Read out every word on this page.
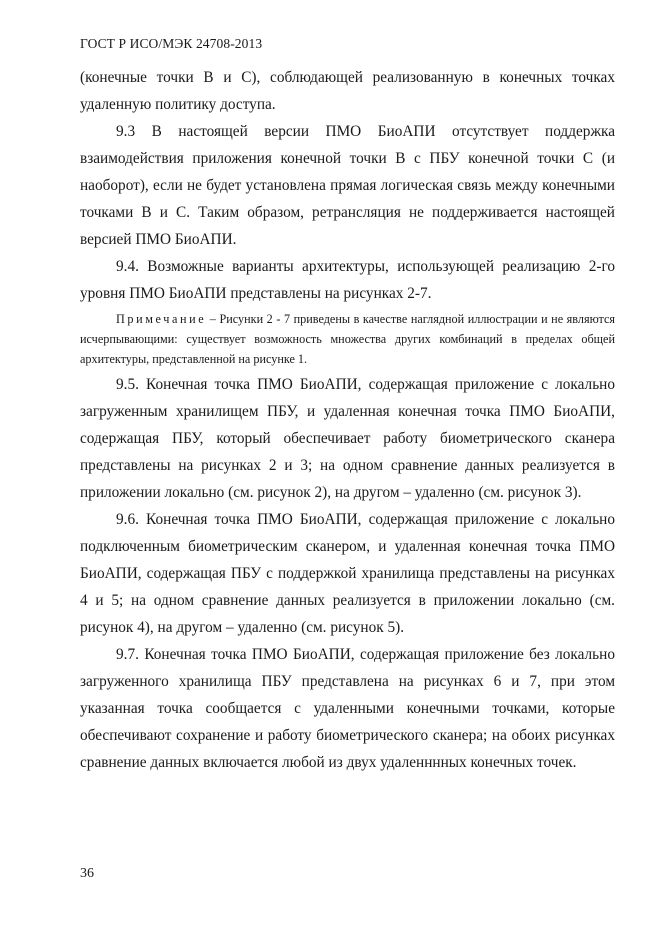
ГОСТ Р ИСО/МЭК 24708-2013

(конечные точки В и С), соблюдающей реализованную в конечных точках удаленную политику доступа.

9.3 В настоящей версии ПМО БиоАПИ отсутствует поддержка взаимодействия приложения конечной точки В с ПБУ конечной точки С (и наоборот), если не будет установлена прямая логическая связь между конечными точками В и С. Таким образом, ретрансляция не поддерживается настоящей версией ПМО БиоАПИ.

9.4. Возможные варианты архитектуры, использующей реализацию 2-го уровня ПМО БиоАПИ представлены на рисунках 2-7.

Примечание – Рисунки 2 - 7 приведены в качестве наглядной иллюстрации и не являются исчерпывающими: существует возможность множества других комбинаций в пределах общей архитектуры, представленной на рисунке 1.

9.5. Конечная точка ПМО БиоАПИ, содержащая приложение с локально загруженным хранилищем ПБУ, и удаленная конечная точка ПМО БиоАПИ, содержащая ПБУ, который обеспечивает работу биометрического сканера представлены на рисунках 2 и 3; на одном сравнение данных реализуется в приложении локально (см. рисунок 2), на другом – удаленно (см. рисунок 3).

9.6. Конечная точка ПМО БиоАПИ, содержащая приложение с локально подключенным биометрическим сканером, и удаленная конечная точка ПМО БиоАПИ, содержащая ПБУ с поддержкой хранилища представлены на рисунках 4 и 5; на одном сравнение данных реализуется в приложении локально (см. рисунок 4), на другом – удаленно (см. рисунок 5).

9.7. Конечная точка ПМО БиоАПИ, содержащая приложение без локально загруженного хранилища ПБУ представлена на рисунках 6 и 7, при этом указанная точка сообщается с удаленными конечными точками, которые обеспечивают сохранение и работу биометрического сканера; на обоих рисунках сравнение данных включается любой из двух удаленннных конечных точек.

36
